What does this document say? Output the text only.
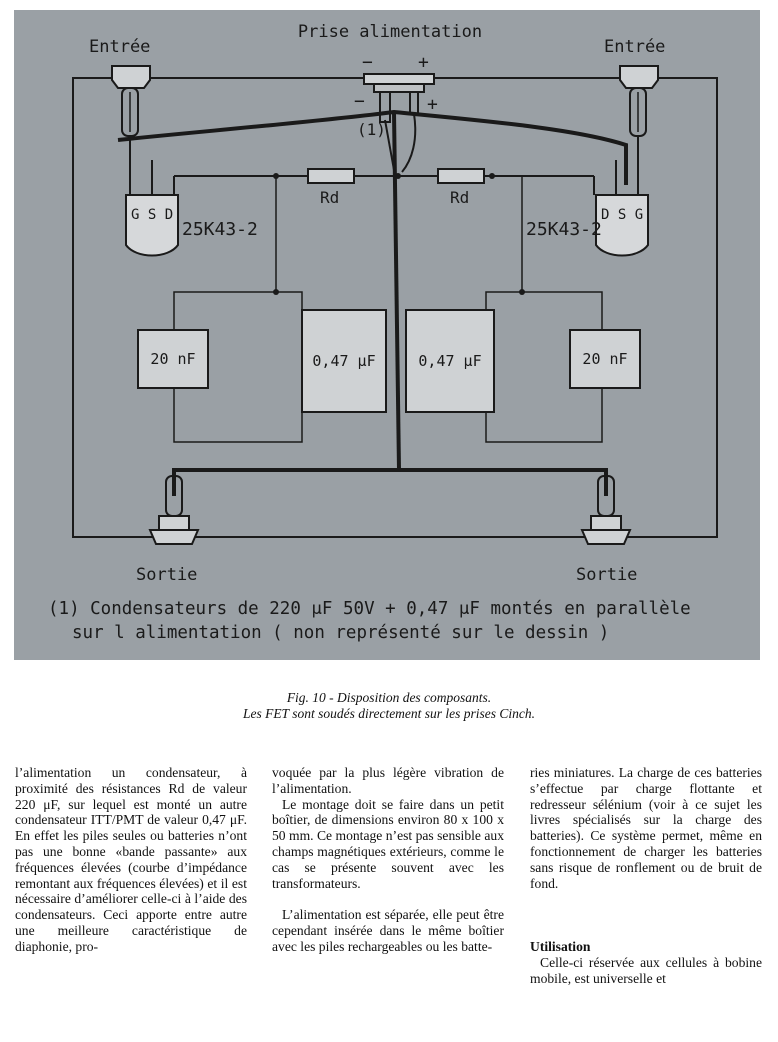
Prise alimentation
Entrée	Entrée
−	+
−	+
(1)
Rd	Rd
G S D
25K43-2
D S G
25K43-2
20 nF	0,47 μF	0,47 μF	20 nF
Sortie	Sortie
(1) Condensateurs de 220 μF 50V + 0,47 μF montés en parallèle
sur l alimentation ( non représenté sur le dessin )
Fig. 10 - Disposition des composants.
Les FET sont soudés directement sur les prises Cinch.

l’alimentation un condensateur, à proximité des résistances Rd de valeur 220 μF, sur lequel est monté un autre condensateur ITT/PMT de valeur 0,47 μF. En effet les piles seules ou batteries n’ont pas une bonne «bande passante» aux fréquences élevées (courbe d’impédance remontant aux fréquences élevées) et il est nécessaire d’améliorer celle-ci à l’aide des condensateurs. Ceci apporte entre autre une meilleure caractéristique de diaphonie, pro-

voquée par la plus légère vibration de l’alimentation.

Le montage doit se faire dans un petit boîtier, de dimensions environ 80 x 100 x 50 mm. Ce montage n’est pas sensible aux champs magnétiques extérieurs, comme le cas se présente souvent avec les transformateurs.

L’alimentation est séparée, elle peut être cependant insérée dans le même boîtier avec les piles rechargeables ou les batte-

ries miniatures. La charge de ces batteries s’effectue par charge flottante et redresseur sélénium (voir à ce sujet les livres spécialisés sur la charge des batteries). Ce système permet, même en fonctionnement de charger les batteries sans risque de ronflement ou de bruit de fond.

Utilisation

Celle-ci réservée aux cellules à bobine mobile, est universelle et
